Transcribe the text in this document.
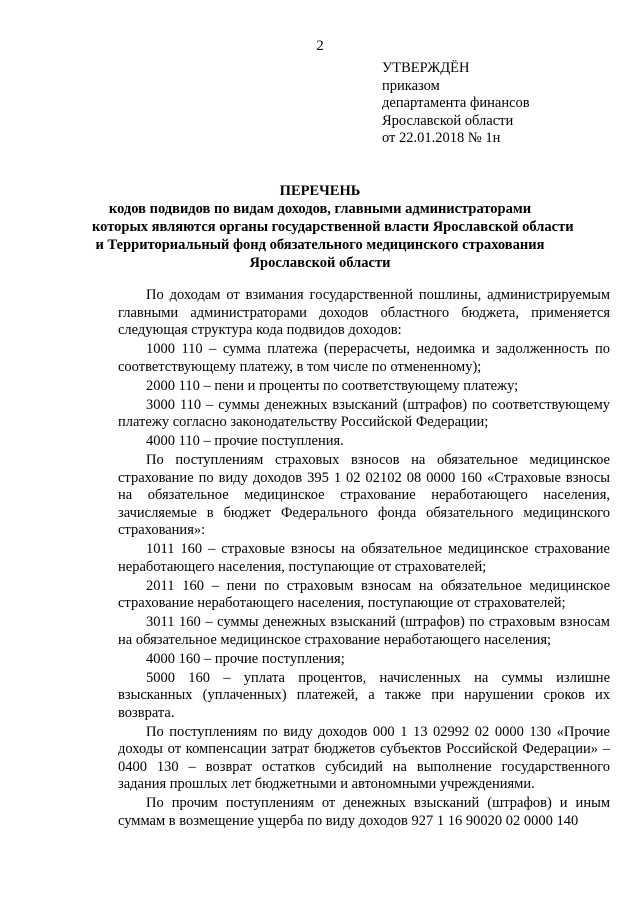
2
УТВЕРЖДЁН
приказом
департамента финансов
Ярославской области
от 22.01.2018 № 1н
ПЕРЕЧЕНЬ
кодов подвидов по видам доходов, главными администраторами
которых являются органы государственной власти Ярославской области
и Территориальный фонд обязательного медицинского страхования
Ярославской области

По доходам от взимания государственной пошлины, администрируемым главными администраторами доходов областного бюджета, применяется следующая структура кода подвидов доходов:

1000 110 – сумма платежа (перерасчеты, недоимка и задолженность по соответствующему платежу, в том числе по отмененному);

2000 110 – пени и проценты по соответствующему платежу;

3000 110 – суммы денежных взысканий (штрафов) по соответствующему платежу согласно законодательству Российской Федерации;

4000 110 – прочие поступления.

По поступлениям страховых взносов на обязательное медицинское страхование по виду доходов 395 1 02 02102 08 0000 160 «Страховые взносы на обязательное медицинское страхование неработающего населения, зачисляемые в бюджет Федерального фонда обязательного медицинского страхования»:

1011 160 – страховые взносы на обязательное медицинское страхование неработающего населения, поступающие от страхователей;

2011 160 – пени по страховым взносам на обязательное медицинское страхование неработающего населения, поступающие от страхователей;

3011 160 – суммы денежных взысканий (штрафов) по страховым взносам на обязательное медицинское страхование неработающего населения;

4000 160 – прочие поступления;

5000 160 – уплата процентов, начисленных на суммы излишне взысканных (уплаченных) платежей, а также при нарушении сроков их возврата.

По поступлениям по виду доходов 000 1 13 02992 02 0000 130 «Прочие доходы от компенсации затрат бюджетов субъектов Российской Федерации» – 0400 130 – возврат остатков субсидий на выполнение государственного задания прошлых лет бюджетными и автономными учреждениями.

По прочим поступлениям от денежных взысканий (штрафов) и иным суммам в возмещение ущерба по виду доходов 927 1 16 90020 02 0000 140
